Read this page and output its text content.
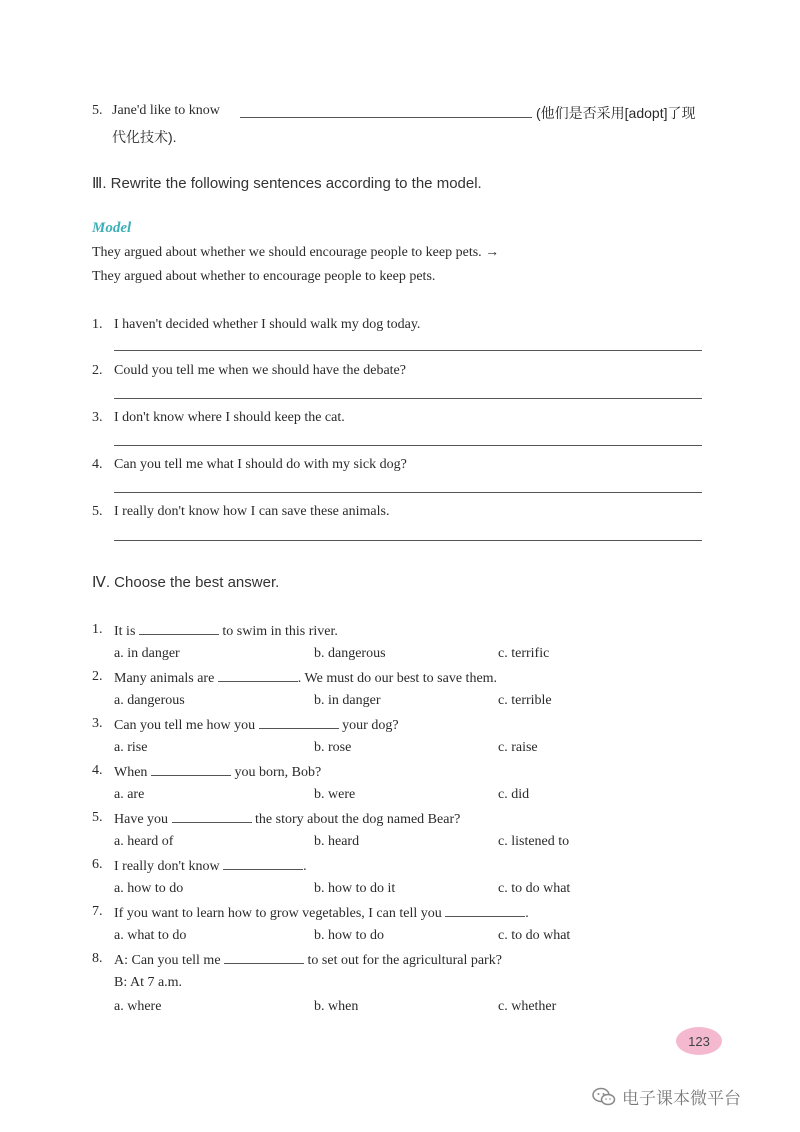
5. Jane'd like to know	(他们是否采用[adopt]了现
代化技术).
Ⅲ. Rewrite the following sentences according to the model.
Model
They argued about whether we should encourage people to keep pets. →
They argued about whether to encourage people to keep pets.
1. I haven't decided whether I should walk my dog today.
2. Could you tell me when we should have the debate?
3. I don't know where I should keep the cat.
4. Can you tell me what I should do with my sick dog?
5. I really don't know how I can save these animals.
Ⅳ. Choose the best answer.
1. It is	to swim in this river.
a. in danger	b. dangerous	c. terrific
2. Many animals are	. We must do our best to save them.
a. dangerous	b. in danger	c. terrible
3. Can you tell me how you	your dog?
a. rise	b. rose	c. raise
4. When	you born, Bob?
a. are	b. were	c. did
5. Have you	the story about the dog named Bear?
a. heard of	b. heard	c. listened to
6. I really don't know	.
a. how to do	b. how to do it	c. to do what
7. If you want to learn how to grow vegetables, I can tell you	.
a. what to do	b. how to do	c. to do what
8. A: Can you tell me	to set out for the agricultural park?
B: At 7 a.m.
a. where	b. when	c. whether
123
电子课本微平台
